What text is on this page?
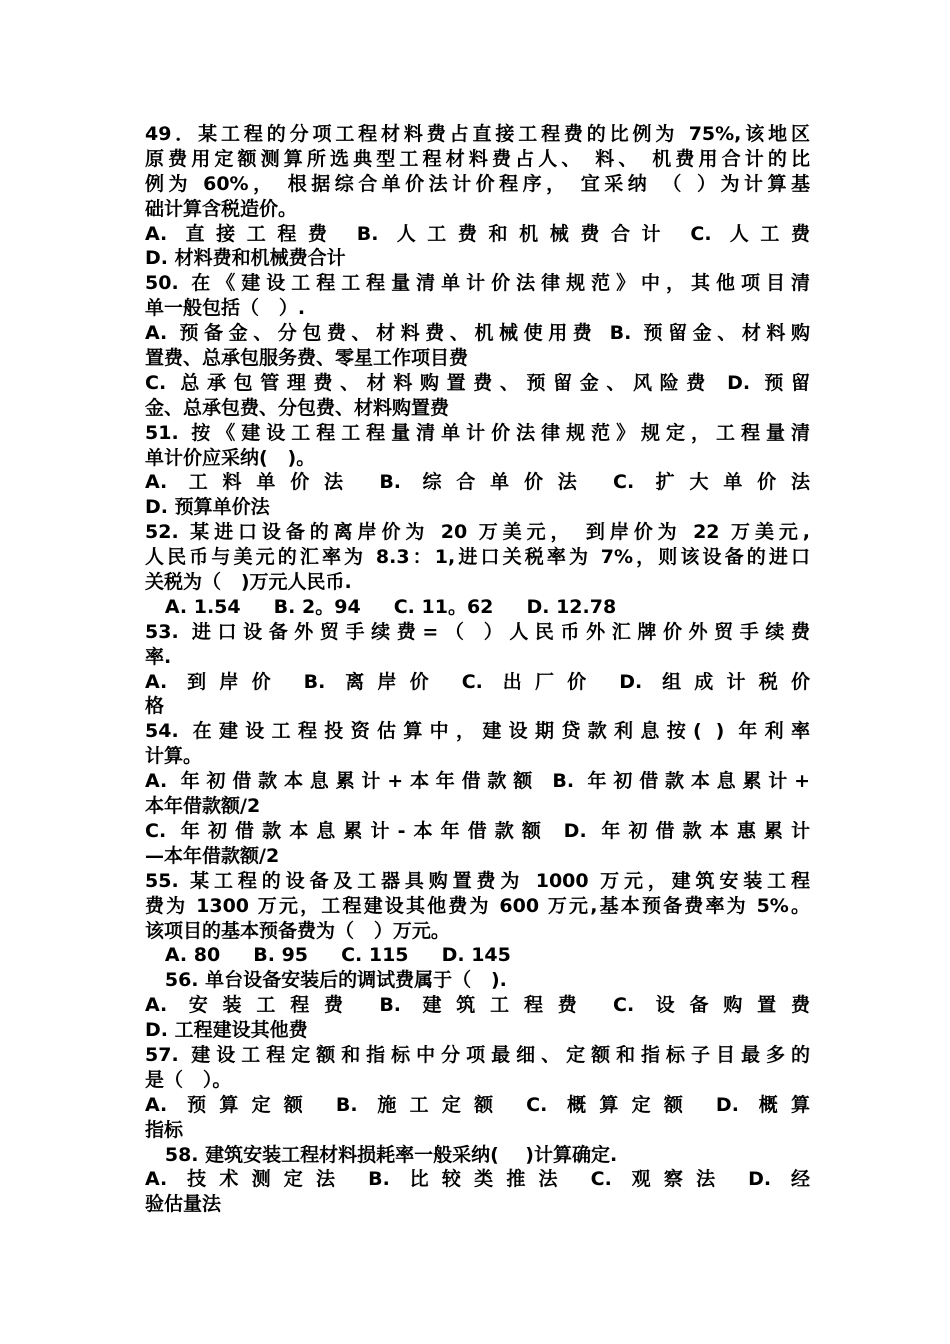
49．某工程的分项工程材料费占直接工程费的比例为 75%,该地区
原费用定额测算所选典型工程材料费占人、 料、 机费用合计的比
例为 60%， 根据综合单价法计价程序， 宜采纳 （ ）为计算基
础计算含税造价。
A. 直接工程费 B. 人工费和机械费合计 C. 人工费
D. 材料费和机械费合计
50. 在《建设工程工程量清单计价法律规范》中，其他项目清
单一般包括（   ）.
A. 预备金、分包费、材料费、机械使用费 B. 预留金、材料购
置费、总承包服务费、零星工作项目费
C. 总承包管理费、材料购置费、预留金、风险费 D. 预留
金、总承包费、分包费、材料购置费
51. 按《建设工程工程量清单计价法律规范》规定，工程量清
单计价应采纳(   )。
A. 工料单价法 B. 综合单价法 C. 扩大单价法
D. 预算单价法
52. 某进口设备的离岸价为 20 万美元， 到岸价为 22 万美元,
人民币与美元的汇率为 8.3：1,进口关税率为 7%，则该设备的进口
关税为（   )万元人民币.
A. 1.54     B. 2。94     C. 11。62     D. 12.78
53. 进口设备外贸手续费=（ ）人民币外汇牌价外贸手续费
率.
A. 到岸价 B. 离岸价 C. 出厂价 D. 组成计税价
格
54. 在建设工程投资估算中，建设期贷款利息按( ) 年利率
计算。
A. 年初借款本息累计+本年借款额 B. 年初借款本息累计+
本年借款额/2
C. 年初借款本息累计-本年借款额 D. 年初借款本惠累计
—本年借款额/2
55. 某工程的设备及工器具购置费为 1000 万元，建筑安装工程
费为 1300 万元，工程建设其他费为 600 万元,基本预备费率为 5%。
该项目的基本预备费为（   ）万元。
A. 80     B. 95     C. 115     D. 145
56. 单台设备安装后的调试费属于（   ).
A. 安装工程费 B. 建筑工程费 C. 设备购置费
D. 工程建设其他费
57. 建设工程定额和指标中分项最细、定额和指标子目最多的
是（   ）。
A. 预算定额 B. 施工定额 C. 概算定额 D. 概算
指标
58. 建筑安装工程材料损耗率一般采纳(    )计算确定.
A. 技术测定法 B. 比较类推法 C. 观察法 D. 经
验估量法
